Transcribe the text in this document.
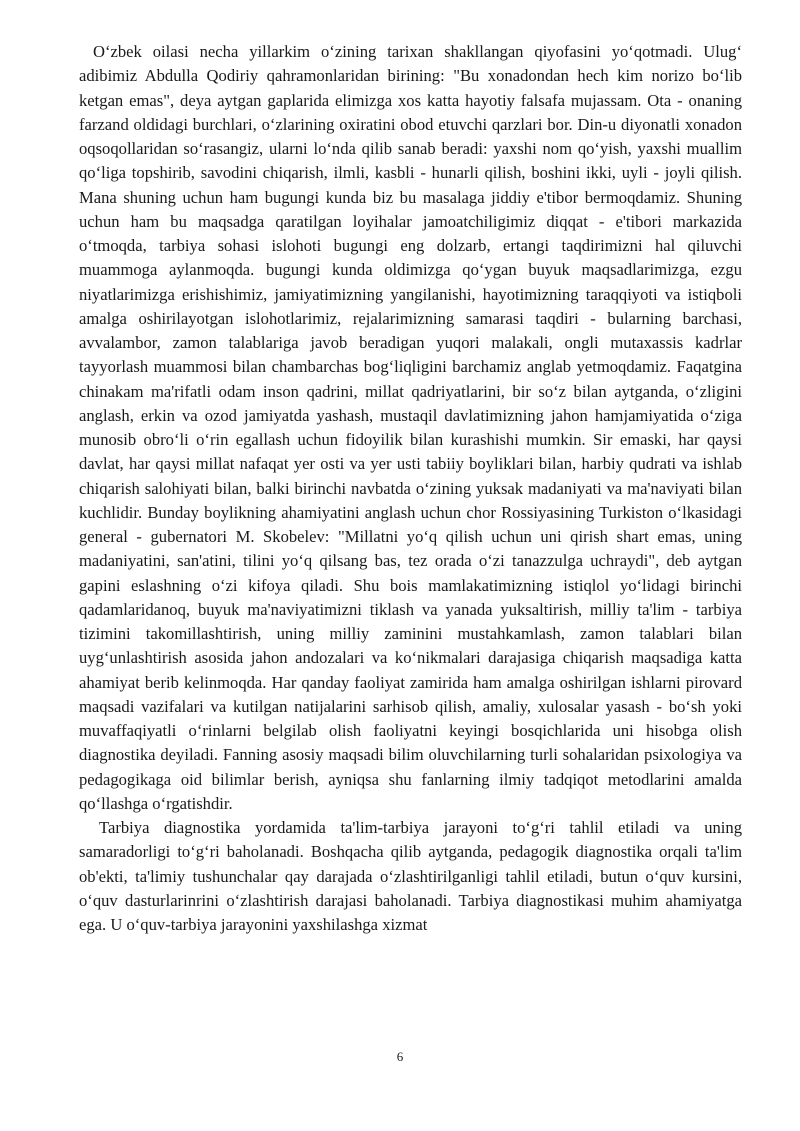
O‘zbek oilasi necha yillarkim o‘zining tarixan shakllangan qiyofasini yo‘qotmadi. Ulug‘ adibimiz Abdulla Qodiriy qahramonlaridan birining: "Bu xonadondan hech kim norizo bo‘lib ketgan emas", deya aytgan gaplarida elimizga xos katta hayotiy falsafa mujassam. Ota - onaning farzand oldidagi burchlari, o‘zlarining oxiratini obod etuvchi qarzlari bor. Din-u diyonatli xonadon oqsoqollaridan so‘rasangiz, ularni lo‘nda qilib sanab beradi: yaxshi nom qo‘yish, yaxshi muallim qo‘liga topshirib, savodini chiqarish, ilmli, kasbli - hunarli qilish, boshini ikki, uyli - joyli qilish. Mana shuning uchun ham bugungi kunda biz bu masalaga jiddiy e'tibor bermoqdamiz. Shuning uchun ham bu maqsadga qaratilgan loyihalar jamoatchiligimiz diqqat - e'tibori markazida o‘tmoqda, tarbiya sohasi islohoti bugungi eng dolzarb, ertangi taqdirimizni hal qiluvchi muammoga aylanmoqda. bugungi kunda oldimizga qo‘ygan buyuk maqsadlarimizga, ezgu niyatlarimizga erishishimiz, jamiyatimizning yangilanishi, hayotimizning taraqqiyoti va istiqboli amalga oshirilayotgan islohotlarimiz, rejalarimizning samarasi taqdiri - bularning barchasi, avvalambor, zamon talablariga javob beradigan yuqori malakali, ongli mutaxassis kadrlar tayyorlash muammosi bilan chambarchas bog‘liqligini barchamiz anglab yetmoqdamiz. Faqatgina chinakam ma'rifatli odam inson qadrini, millat qadriyatlarini, bir so‘z bilan aytganda, o‘zligini anglash, erkin va ozod jamiyatda yashash, mustaqil davlatimizning jahon hamjamiyatida o‘ziga munosib obro‘li o‘rin egallash uchun fidoyilik bilan kurashishi mumkin. Sir emaski, har qaysi davlat, har qaysi millat nafaqat yer osti va yer usti tabiiy boyliklari bilan, harbiy qudrati va ishlab chiqarish salohiyati bilan, balki birinchi navbatda o‘zining yuksak madaniyati va ma'naviyati bilan kuchlidir. Bunday boylikning ahamiyatini anglash uchun chor Rossiyasining Turkiston o‘lkasidagi general - gubernatori M. Skobelev: "Millatni yo‘q qilish uchun uni qirish shart emas, uning madaniyatini, san'atini, tilini yo‘q qilsang bas, tez orada o‘zi tanazzulga uchraydi", deb aytgan gapini eslashning o‘zi kifoya qiladi. Shu bois mamlakatimizning istiqlol yo‘lidagi birinchi qadamlaridanoq, buyuk ma'naviyatimizni tiklash va yanada yuksaltirish, milliy ta'lim - tarbiya tizimini takomillashtirish, uning milliy zaminini mustahkamlash, zamon talablari bilan uyg‘unlashtirish asosida jahon andozalari va ko‘nikmalari darajasiga chiqarish maqsadiga katta ahamiyat berib kelinmoqda. Har qanday faoliyat zamirida ham amalga oshirilgan ishlarni pirovard maqsadi vazifalari va kutilgan natijalarini sarhisob qilish, amaliy, xulosalar yasash - bo‘sh yoki muvaffaqiyatli o‘rinlarni belgilab olish faoliyatni keyingi bosqichlarida uni hisobga olish diagnostika deyiladi. Fanning asosiy maqsadi bilim oluvchilarning turli sohalaridan psixologiya va pedagogikaga oid bilimlar berish, ayniqsa shu fanlarning ilmiy tadqiqot metodlarini amalda qo‘llashga o‘rgatishdir.

Tarbiya diagnostika yordamida ta'lim-tarbiya jarayoni to‘g‘ri tahlil etiladi va uning samaradorligi to‘g‘ri baholanadi. Boshqacha qilib aytganda, pedagogik diagnostika orqali ta'lim ob'ekti, ta'limiy tushunchalar qay darajada o‘zlashtirilganligi tahlil etiladi, butun o‘quv kursini, o‘quv dasturlarinrini o‘zlashtirish darajasi baholanadi. Tarbiya diagnostikasi muhim ahamiyatga ega. U o‘quv-tarbiya jarayonini yaxshilashga xizmat

6
